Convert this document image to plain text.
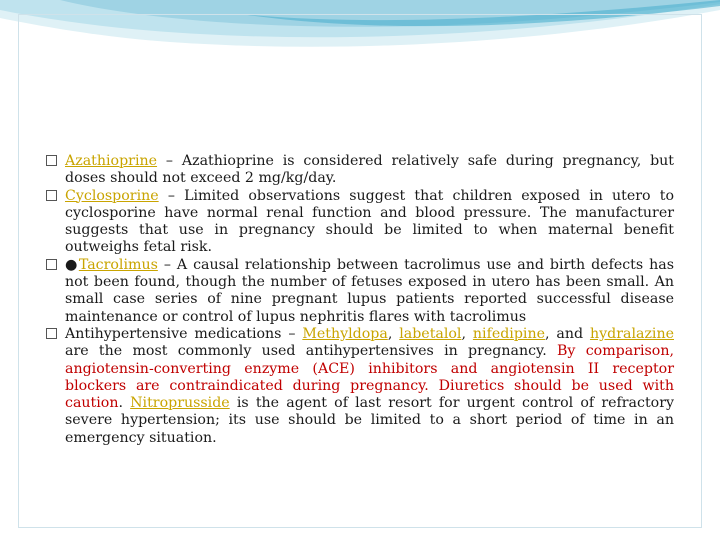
Azathioprine – Azathioprine is considered relatively safe during pregnancy, but doses should not exceed 2 mg/kg/day.

Cyclosporine – Limited observations suggest that children exposed in utero to cyclosporine have normal renal function and blood pressure. The manufacturer suggests that use in pregnancy should be limited to when maternal benefit outweighs fetal risk.

●Tacrolimus – A causal relationship between tacrolimus use and birth defects has not been found, though the number of fetuses exposed in utero has been small. An small case series of nine pregnant lupus patients reported successful disease maintenance or control of lupus nephritis flares with tacrolimus

Antihypertensive medications – Methyldopa, labetalol, nifedipine, and hydralazine are the most commonly used antihypertensives in pregnancy. By comparison, angiotensin-converting enzyme (ACE) inhibitors and angiotensin II receptor blockers are contraindicated during pregnancy. Diuretics should be used with caution. Nitroprusside is the agent of last resort for urgent control of refractory severe hypertension; its use should be limited to a short period of time in an emergency situation.
